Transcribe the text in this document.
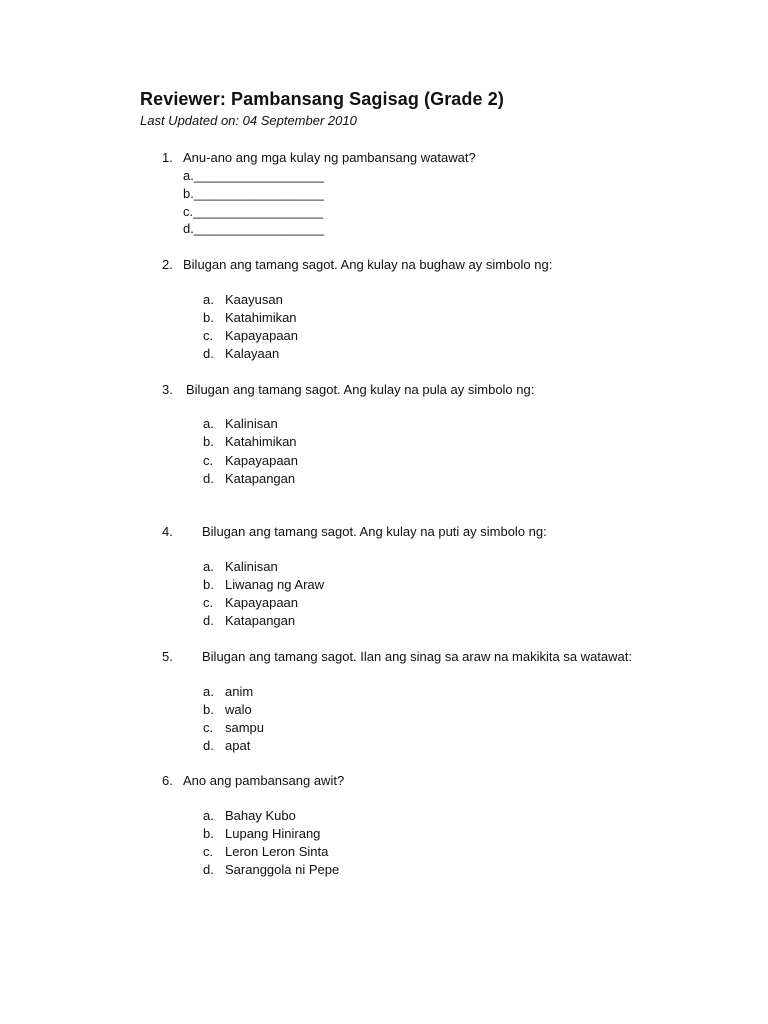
Reviewer: Pambansang Sagisag (Grade 2)
Last Updated on: 04 September 2010
1. Anu-ano ang mga kulay ng pambansang watawat?
a.__________________
b.__________________
c.__________________
d.__________________
2. Bilugan ang tamang sagot. Ang kulay na bughaw ay simbolo ng:
a. Kaayusan
b. Katahimikan
c. Kapayapaan
d. Kalayaan
3. Bilugan ang tamang sagot. Ang kulay na pula ay simbolo ng:
a. Kalinisan
b. Katahimikan
c. Kapayapaan
d. Katapangan
4. Bilugan ang tamang sagot. Ang kulay na puti ay simbolo ng:
a. Kalinisan
b. Liwanag ng Araw
c. Kapayapaan
d. Katapangan
5. Bilugan ang tamang sagot. Ilan ang sinag sa araw na makikita sa watawat:
a. anim
b. walo
c. sampu
d. apat
6. Ano ang pambansang awit?
a. Bahay Kubo
b. Lupang Hinirang
c. Leron Leron Sinta
d. Saranggola ni Pepe
